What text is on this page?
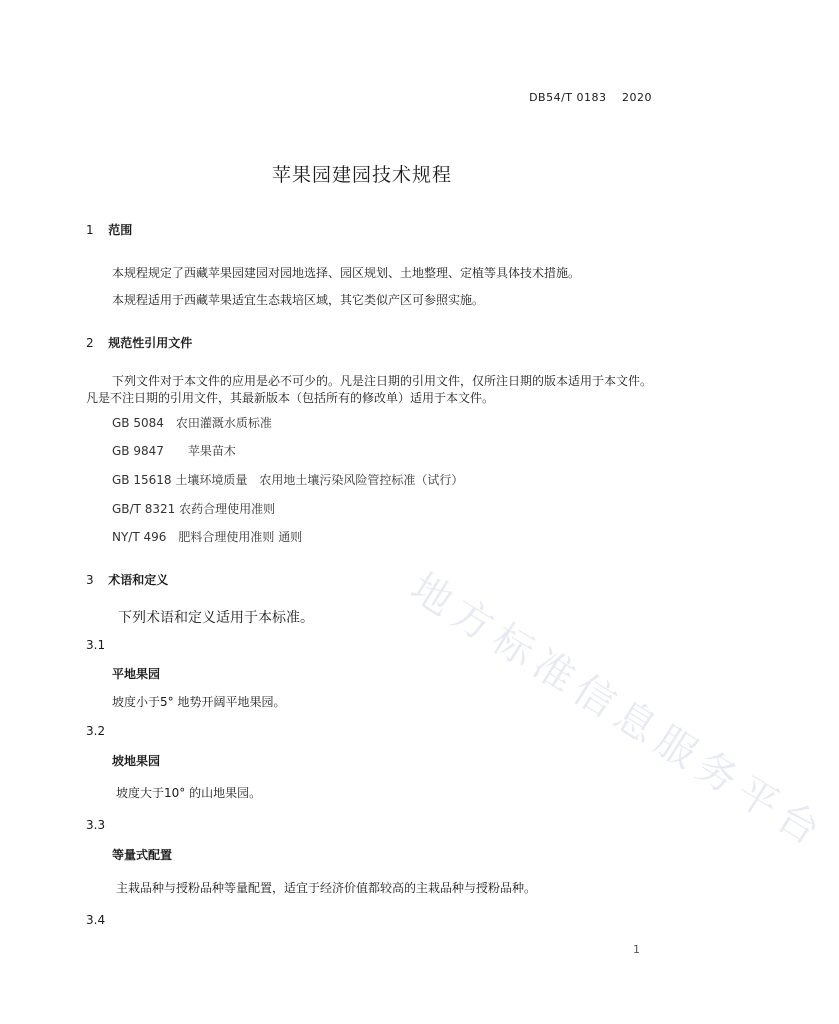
DB54/T 0183　 2020
苹果园建园技术规程
1 范围
本规程规定了西藏苹果园建园对园地选择、园区规划、土地整理、定植等具体技术措施。
本规程适用于西藏苹果适宜生态栽培区域，其它类似产区可参照实施。
2 规范性引用文件
下列文件对于本文件的应用是必不可少的。凡是注日期的引用文件，仅所注日期的版本适用于本文件。凡是不注日期的引用文件，其最新版本（包括所有的修改单）适用于本文件。
GB 5084　农田灌溉水质标准
GB 9847　　苹果苗木
GB 15618 土壤环境质量　农用地土壤污染风险管控标准（试行）
GB/T 8321 农药合理使用准则
NY/T 496　肥料合理使用准则 通则
3 术语和定义
下列术语和定义适用于本标准。
3.1
平地果园
坡度小于5° 地势开阔平地果园。
3.2
坡地果园
坡度大于10° 的山地果园。
3.3
等量式配置
主栽品种与授粉品种等量配置，适宜于经济价值都较高的主栽品种与授粉品种。
3.4
地方标准信息服务平台
1
